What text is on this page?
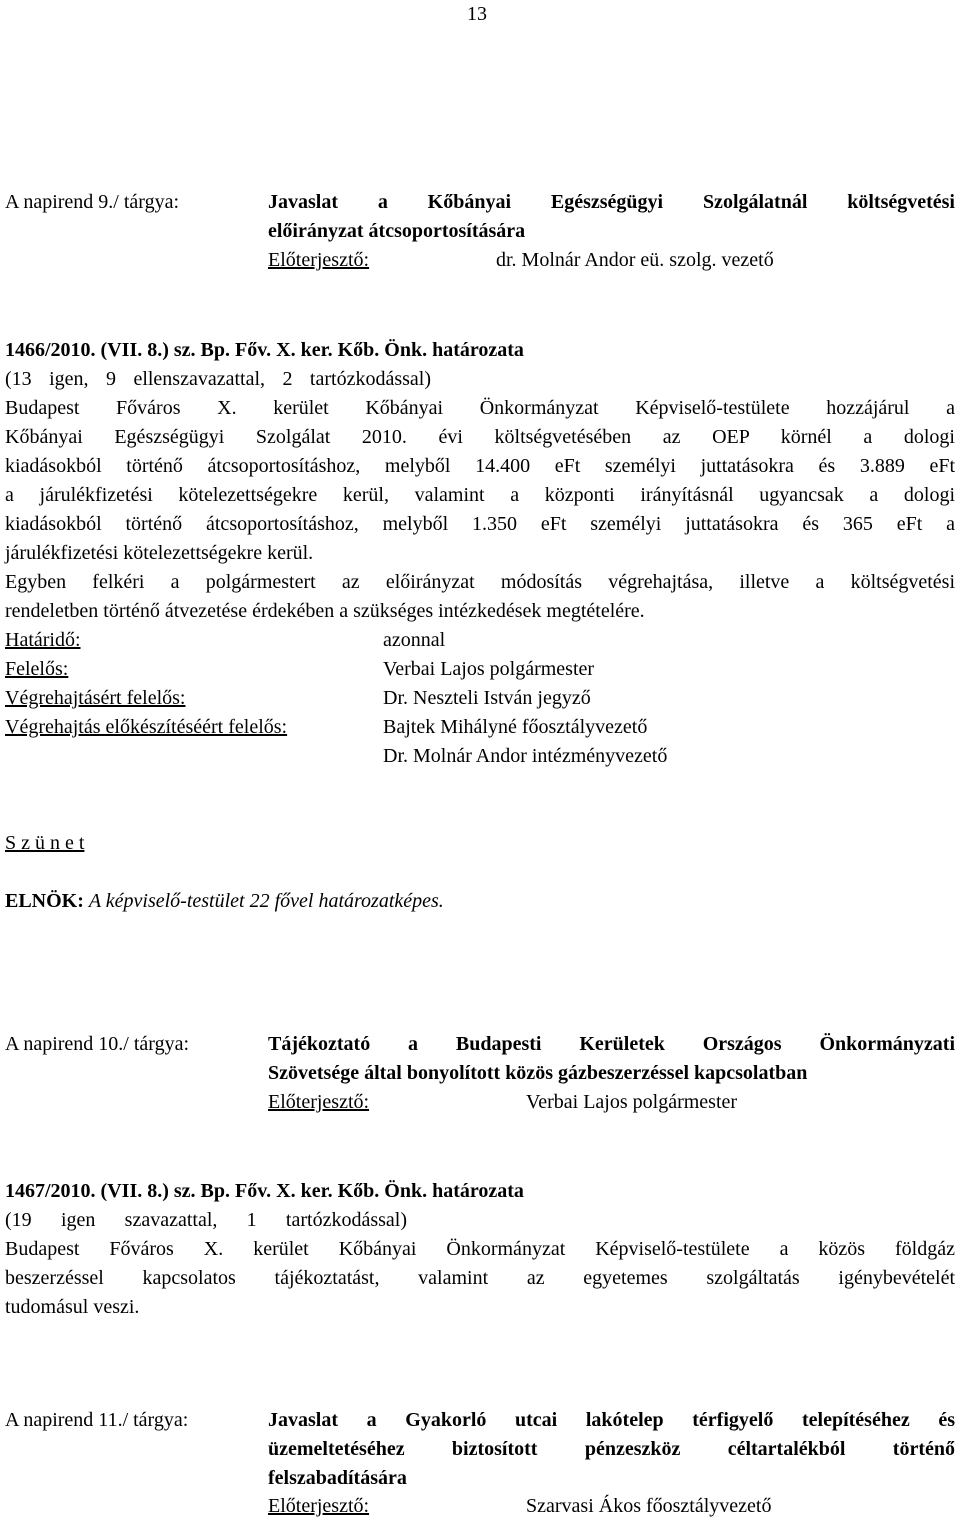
13
A napirend 9./ tárgya:	Javaslat a Kőbányai Egészségügyi Szolgálatnál költségvetési
előirányzat átcsoportosítására
Előterjesztő:	dr. Molnár Andor eü. szolg. vezető
1466/2010. (VII. 8.) sz. Bp. Főv. X. ker. Kőb. Önk. határozata
(13 igen, 9 ellenszavazattal, 2 tartózkodással)
Budapest Főváros X. kerület Kőbányai Önkormányzat Képviselő-testülete hozzájárul a
Kőbányai Egészségügyi Szolgálat 2010. évi költségvetésében az OEP körnél a dologi
kiadásokból történő átcsoportosításhoz, melyből 14.400 eFt személyi juttatásokra és 3.889 eFt
a járulékfizetési kötelezettségekre kerül, valamint a központi irányításnál ugyancsak a dologi
kiadásokból történő átcsoportosításhoz, melyből 1.350 eFt személyi juttatásokra és 365 eFt a
járulékfizetési kötelezettségekre kerül.
Egyben felkéri a polgármestert az előirányzat módosítás végrehajtása, illetve a költségvetési
rendeletben történő átvezetése érdekében a szükséges intézkedések megtételére.
Határidő:	azonnal
Felelős:	Verbai Lajos polgármester
Végrehajtásért felelős:	Dr. Neszteli István jegyző
Végrehajtás előkészítéséért felelős:	Bajtek Mihályné főosztályvezető
Dr. Molnár Andor intézményvezető
S z ü n e t
ELNÖK: A képviselő-testület 22 fővel határozatképes.
A napirend 10./ tárgya:	Tájékoztató a Budapesti Kerületek Országos Önkormányzati
Szövetsége által bonyolított közös gázbeszerzéssel kapcsolatban
Előterjesztő:	Verbai Lajos polgármester
1467/2010. (VII. 8.) sz. Bp. Főv. X. ker. Kőb. Önk. határozata
(19 igen szavazattal, 1 tartózkodással)
Budapest Főváros X. kerület Kőbányai Önkormányzat Képviselő-testülete a közös földgáz
beszerzéssel kapcsolatos tájékoztatást, valamint az egyetemes szolgáltatás igénybevételét
tudomásul veszi.
A napirend 11./ tárgya:	Javaslat a Gyakorló utcai lakótelep térfigyelő telepítéséhez és
üzemeltetéséhez biztosított pénzeszköz céltartalékból történő
felszabadítására
Előterjesztő:	Szarvasi Ákos főosztályvezető
